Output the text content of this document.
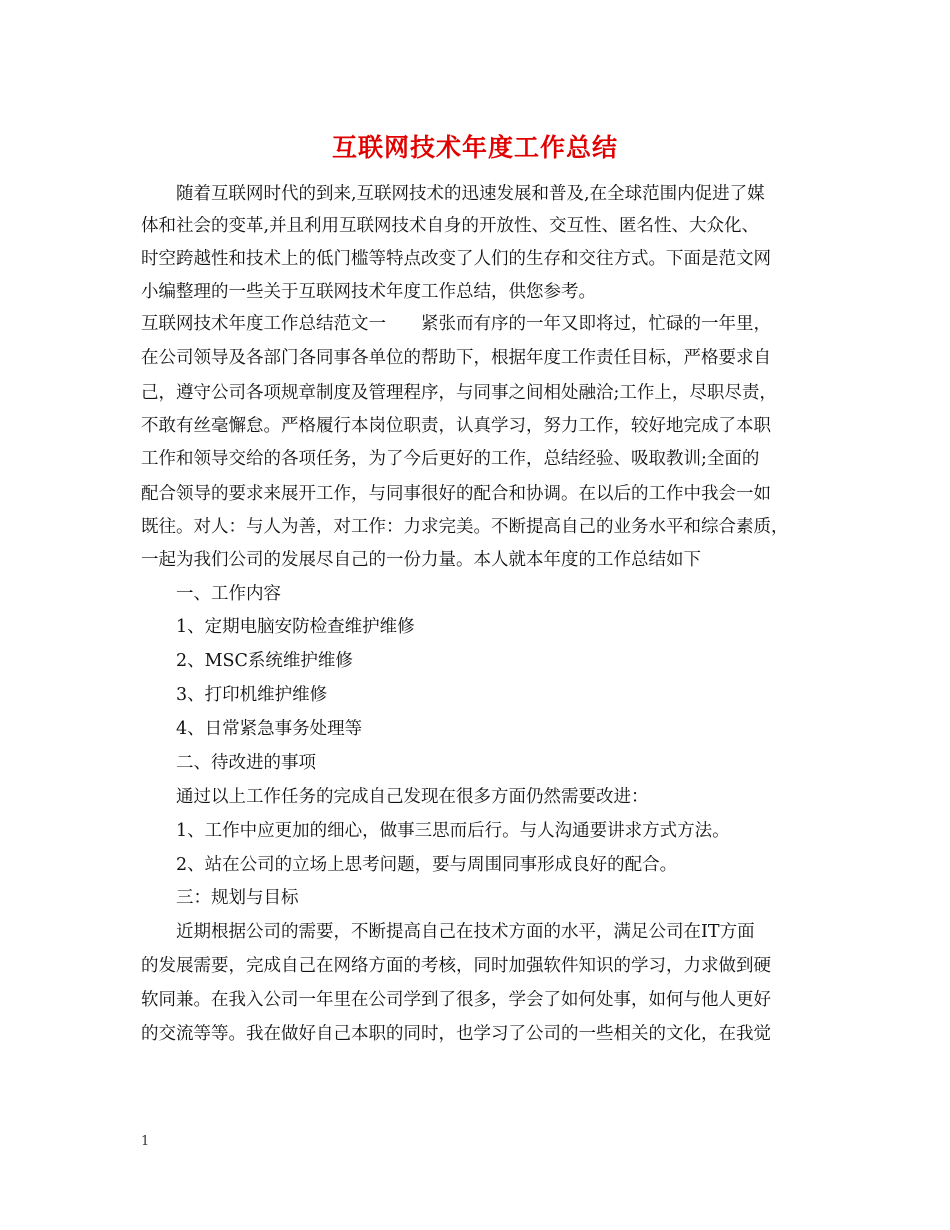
互联网技术年度工作总结
随着互联网时代的到来,互联网技术的迅速发展和普及,在全球范围内促进了媒
体和社会的变革,并且利用互联网技术自身的开放性、交互性、匿名性、大众化、
时空跨越性和技术上的低门槛等特点改变了人们的生存和交往方式。下面是范文网
小编整理的一些关于互联网技术年度工作总结，供您参考。
互联网技术年度工作总结范文一　　紧张而有序的一年又即将过，忙碌的一年里，
在公司领导及各部门各同事各单位的帮助下，根据年度工作责任目标，严格要求自
己，遵守公司各项规章制度及管理程序，与同事之间相处融洽;工作上，尽职尽责，
不敢有丝毫懈怠。严格履行本岗位职责，认真学习，努力工作，较好地完成了本职
工作和领导交给的各项任务，为了今后更好的工作，总结经验、吸取教训;全面的
配合领导的要求来展开工作，与同事很好的配合和协调。在以后的工作中我会一如
既往。对人：与人为善，对工作：力求完美。不断提高自己的业务水平和综合素质，
一起为我们公司的发展尽自己的一份力量。本人就本年度的工作总结如下
一、工作内容
1、定期电脑安防检查维护维修
2、MSC系统维护维修
3、打印机维护维修
4、日常紧急事务处理等
二、待改进的事项
通过以上工作任务的完成自己发现在很多方面仍然需要改进：
1、工作中应更加的细心，做事三思而后行。与人沟通要讲求方式方法。
2、站在公司的立场上思考问题，要与周围同事形成良好的配合。
三：规划与目标
近期根据公司的需要，不断提高自己在技术方面的水平，满足公司在IT方面
的发展需要，完成自己在网络方面的考核，同时加强软件知识的学习，力求做到硬
软同兼。在我入公司一年里在公司学到了很多，学会了如何处事，如何与他人更好
的交流等等。我在做好自己本职的同时，也学习了公司的一些相关的文化，在我觉
1
